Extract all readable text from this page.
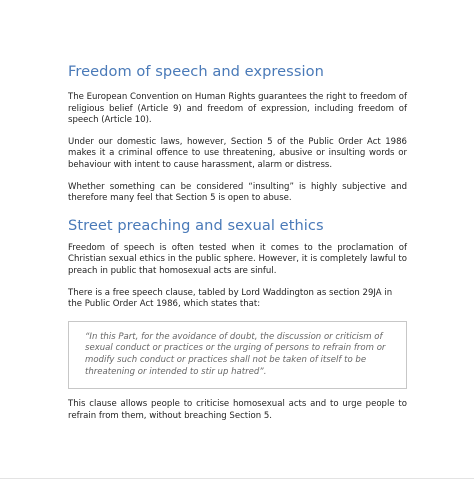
Freedom of speech and expression

The European Convention on Human Rights guarantees the right to freedom of religious belief (Article 9) and freedom of expression, including freedom of speech (Article 10).

Under our domestic laws, however, Section 5 of the Public Order Act 1986 makes it a criminal offence to use threatening, abusive or insulting words or behaviour with intent to cause harassment, alarm or distress.

Whether something can be considered “insulting” is highly subjective and therefore many feel that Section 5 is open to abuse.

Street preaching and sexual ethics

Freedom of speech is often tested when it comes to the proclamation of Christian sexual ethics in the public sphere. However, it is completely lawful to preach in public that homosexual acts are sinful.

There is a free speech clause, tabled by Lord Waddington as section 29JA in the Public Order Act 1986, which states that:

“In this Part, for the avoidance of doubt, the discussion or criticism of sexual conduct or practices or the urging of persons to refrain from or modify such conduct or practices shall not be taken of itself to be threatening or intended to stir up hatred”.

This clause allows people to criticise homosexual acts and to urge people to refrain from them, without breaching Section 5.
